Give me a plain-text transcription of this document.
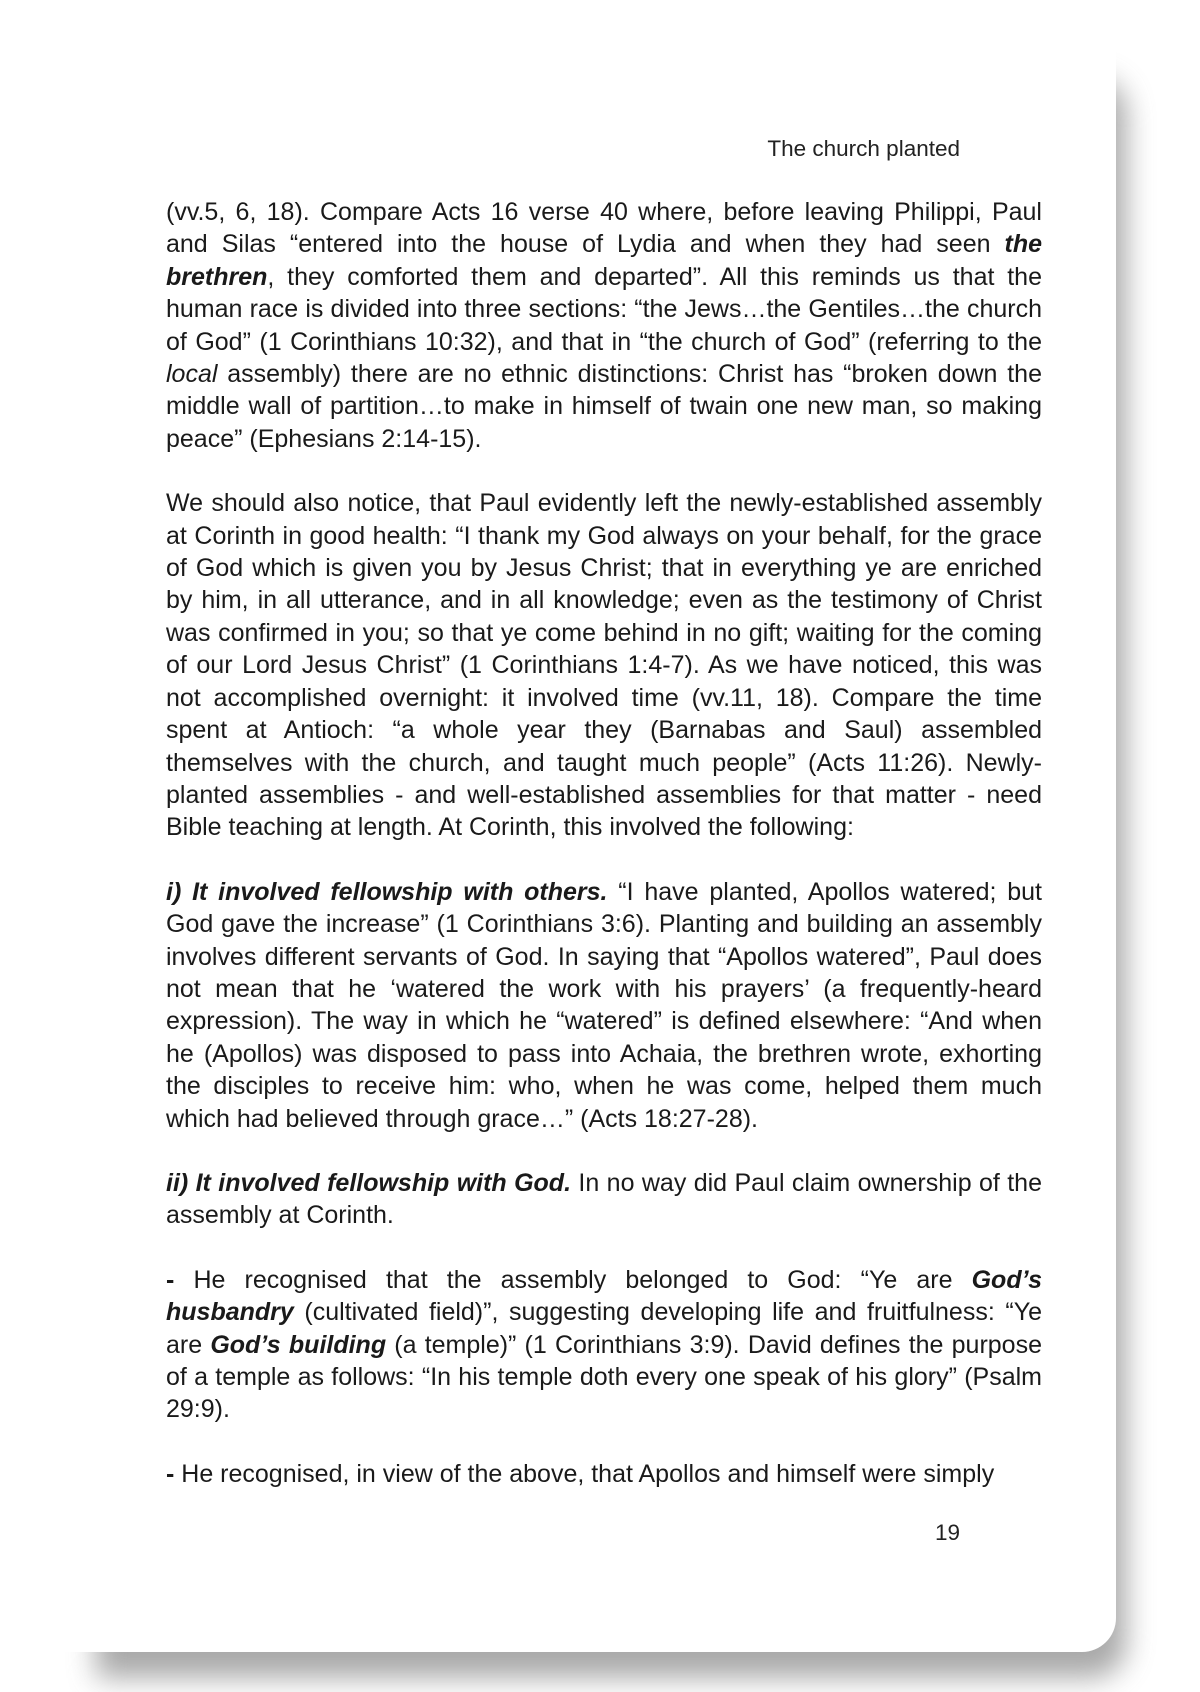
The church planted

(vv.5, 6, 18). Compare Acts 16 verse 40 where, before leaving Philippi, Paul and Silas “entered into the house of Lydia and when they had seen the brethren, they comforted them and departed”. All this reminds us that the human race is divided into three sections: “the Jews…the Gentiles…the church of God” (1 Corinthians 10:32), and that in “the church of God” (referring to the local assembly) there are no ethnic distinctions: Christ has “broken down the middle wall of partition…to make in himself of twain one new man, so making peace” (Ephesians 2:14-15).

We should also notice, that Paul evidently left the newly-established assembly at Corinth in good health: “I thank my God always on your behalf, for the grace of God which is given you by Jesus Christ; that in everything ye are enriched by him, in all utterance, and in all knowledge; even as the testimony of Christ was confirmed in you; so that ye come behind in no gift; waiting for the coming of our Lord Jesus Christ” (1 Corinthians 1:4-7). As we have noticed, this was not accomplished overnight: it involved time (vv.11, 18). Compare the time spent at Antioch: “a whole year they (Barnabas and Saul) assembled themselves with the church, and taught much people” (Acts 11:26). Newly-planted assemblies - and well-established assemblies for that matter - need Bible teaching at length. At Corinth, this involved the following:

i) It involved fellowship with others. “I have planted, Apollos watered; but God gave the increase” (1 Corinthians 3:6). Planting and building an assembly involves different servants of God. In saying that “Apollos watered”, Paul does not mean that he ‘watered the work with his prayers’ (a frequently-heard expression). The way in which he “watered” is defined elsewhere: “And when he (Apollos) was disposed to pass into Achaia, the brethren wrote, exhorting the disciples to receive him: who, when he was come, helped them much which had believed through grace…” (Acts 18:27-28).

ii) It involved fellowship with God. In no way did Paul claim ownership of the assembly at Corinth.

- He recognised that the assembly belonged to God: “Ye are God’s husbandry (cultivated field)”, suggesting developing life and fruitfulness: “Ye are God’s building (a temple)” (1 Corinthians 3:9). David defines the purpose of a temple as follows: “In his temple doth every one speak of his glory” (Psalm 29:9).

- He recognised, in view of the above, that Apollos and himself were simply

19
